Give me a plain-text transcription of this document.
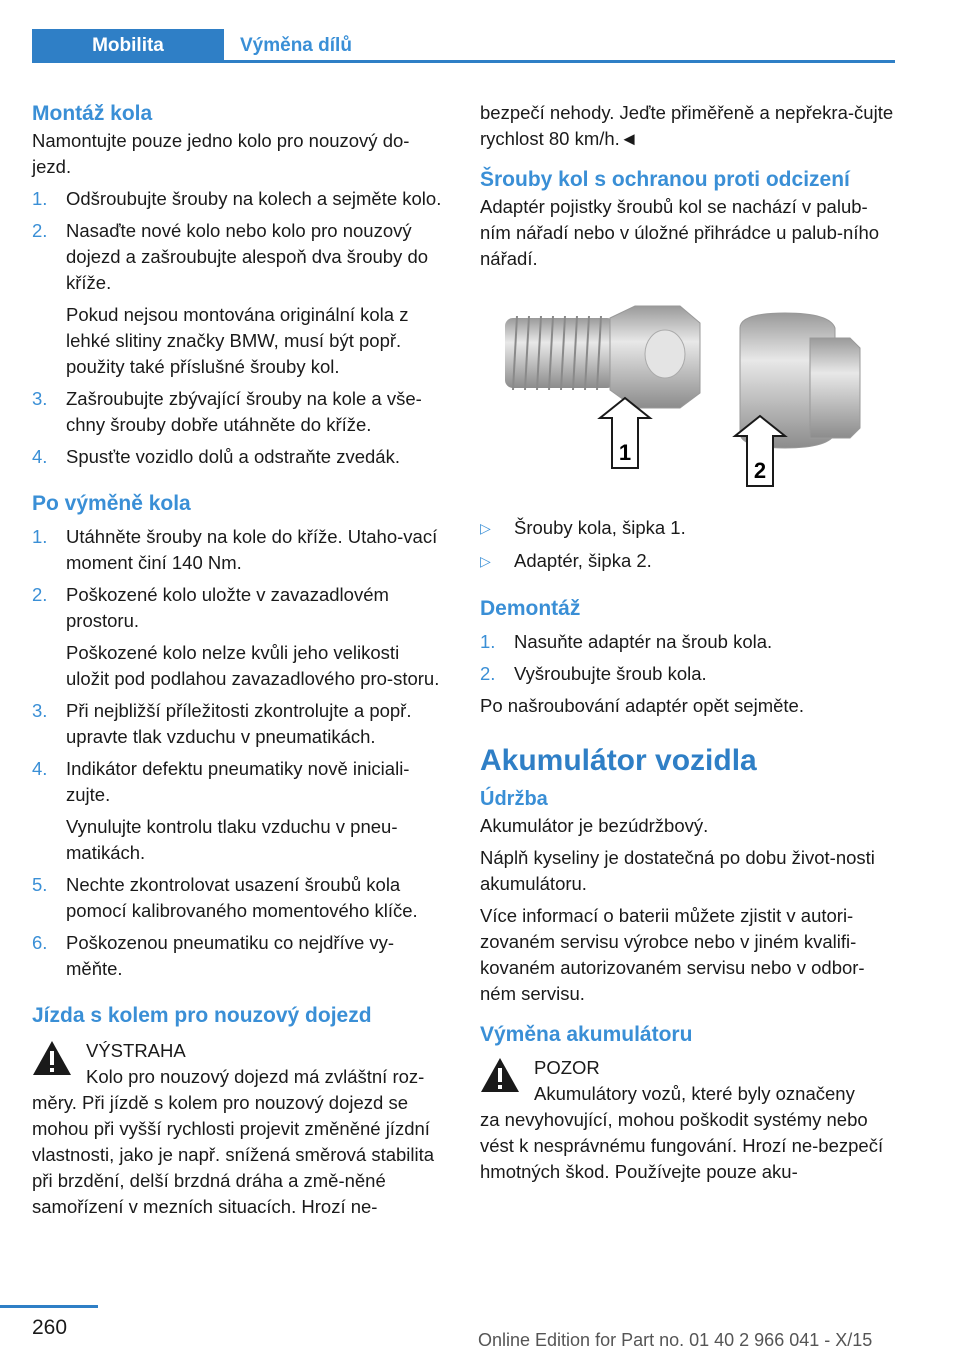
Mobilita	Výměna dílů
Montáž kola

Namontujte pouze jedno kolo pro nouzový do-jezd.

1. Odšroubujte šrouby na kolech a sejměte kolo.
2. Nasaďte nové kolo nebo kolo pro nouzový dojezd a zašroubujte alespoň dva šrouby do kříže.
Pokud nejsou montována originální kola z lehké slitiny značky BMW, musí být popř. použity také příslušné šrouby kol.
3. Zašroubujte zbývající šrouby na kole a vše-chny šrouby dobře utáhněte do kříže.
4. Spusťte vozidlo dolů a odstraňte zvedák.
Po výměně kola
1. Utáhněte šrouby na kole do kříže. Utaho-vací moment činí 140 Nm.
2. Poškozené kolo uložte v zavazadlovém prostoru.
Poškozené kolo nelze kvůli jeho velikosti uložit pod podlahou zavazadlového pro-storu.
3. Při nejbližší příležitosti zkontrolujte a popř. upravte tlak vzduchu v pneumatikách.
4. Indikátor defektu pneumatiky nově iniciali-zujte.
Vynulujte kontrolu tlaku vzduchu v pneu-matikách.
5. Nechte zkontrolovat usazení šroubů kola pomocí kalibrovaného momentového klíče.
6. Poškozenou pneumatiku co nejdříve vy-měňte.
Jízda s kolem pro nouzový dojezd
VÝSTRAHA
Kolo pro nouzový dojezd má zvláštní roz-
měry. Při jízdě s kolem pro nouzový dojezd se mohou při vyšší rychlosti projevit změněné jízdní vlastnosti, jako je např. snížená směrová stabilita při brzdění, delší brzdná dráha a změ-něné samořízení v mezních situacích. Hrozí ne-

bezpečí nehody. Jeďte přiměřeně a nepřekra-čujte rychlost 80 km/h.◄

Šrouby kol s ochranou proti odcizení

Adaptér pojistky šroubů kol se nachází v palub-ním nářadí nebo v úložné přihrádce u palub-ního nářadí.

1
2
▷ Šrouby kola, šipka 1.
▷ Adaptér, šipka 2.
Demontáž
1. Nasuňte adaptér na šroub kola.
2. Vyšroubujte šroub kola.

Po našroubování adaptér opět sejměte.

Akumulátor vozidla
Údržba

Akumulátor je bezúdržbový.

Náplň kyseliny je dostatečná po dobu život-nosti akumulátoru.

Více informací o baterii můžete zjistit v autori-zovaném servisu výrobce nebo v jiném kvalifi-kovaném autorizovaném servisu nebo v odbor-ném servisu.

Výměna akumulátoru
POZOR
Akumulátory vozů, které byly označeny
za nevyhovující, mohou poškodit systémy nebo vést k nesprávnému fungování. Hrozí ne-bezpečí hmotných škod. Používejte pouze aku-
260
Online Edition for Part no. 01 40 2 966 041 - X/15
